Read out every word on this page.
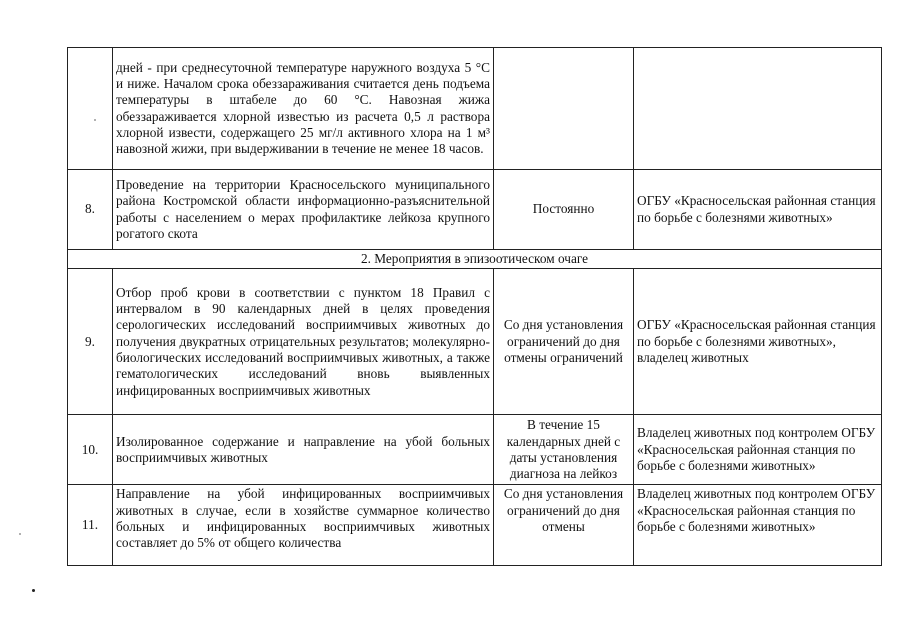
	дней - при среднесуточной температуре наружного воздуха 5 °С и ниже. Началом срока обеззараживания считается день подъема температуры в штабеле до 60 °С. Навозная жижа обеззараживается хлорной известью из расчета 0,5 л раствора хлорной извести, содержащего 25 мг/л активного хлора на 1 м³ навозной жижи, при выдерживании в течение не менее 18 часов.		
8.	Проведение на территории Красносельского муниципального района Костромской области информационно-разъяснительной работы с населением о мерах профилактике лейкоза крупного рогатого скота	Постоянно	ОГБУ «Красносельская районная станция по борьбе с болезнями животных»
2. Мероприятия в эпизоотическом очаге			
9.	Отбор проб крови в соответствии с пунктом 18 Правил с интервалом в 90 календарных дней в целях проведения серологических исследований восприимчивых животных до получения двукратных отрицательных результатов; молекулярно-биологических исследований восприимчивых животных, а также гематологических исследований вновь выявленных инфицированных восприимчивых животных	Со дня установления ограничений до дня отмены ограничений	ОГБУ «Красносельская районная станция по борьбе с болезнями животных», владелец животных
10.	Изолированное содержание и направление на убой больных восприимчивых животных	В течение 15 календарных дней с даты установления диагноза на лейкоз	Владелец животных под контролем ОГБУ «Красносельская районная станция по борьбе с болезнями животных»
11.	Направление на убой инфицированных восприимчивых животных в случае, если в хозяйстве суммарное количество больных и инфицированных восприимчивых животных составляет до 5% от общего количества	Со дня установления ограничений до дня отмены	Владелец животных под контролем ОГБУ «Красносельская районная станция по борьбе с болезнями животных»
